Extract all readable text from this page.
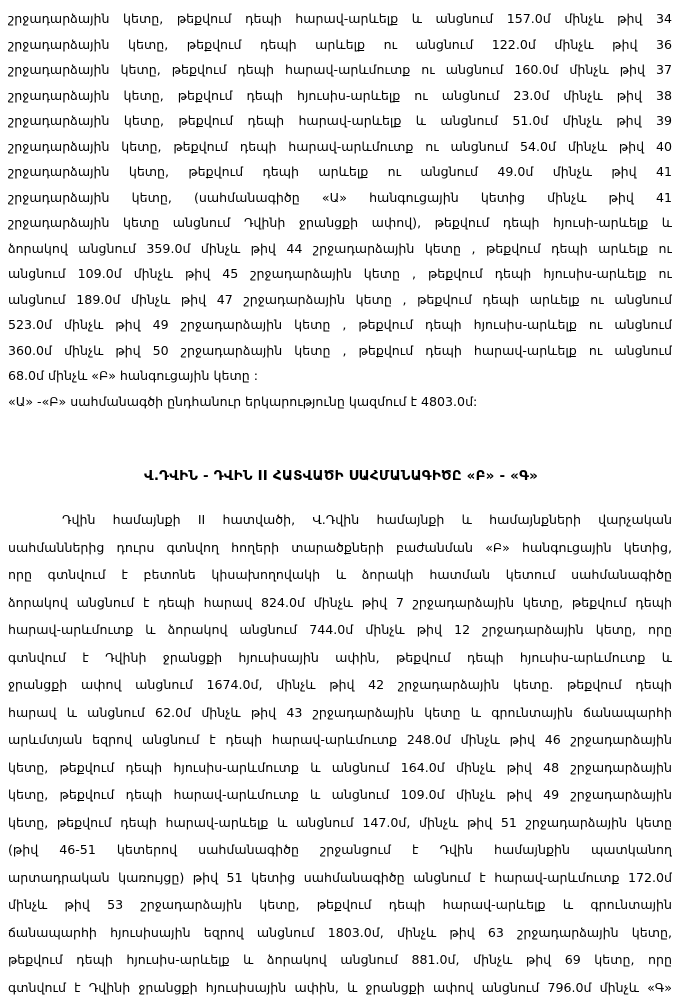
շրջադարձային կետը, թեքվում դեպի հարավ-արևելք և անցնում 157.0մ մինչև թիվ 34
շրջադարձային կետը, թեքվում դեպի արևելք ու անցնում 122.0մ մինչև թիվ 36
շրջադարձային կետը, թեքվում դեպի հարավ-արևմուտք ու անցնում 160.0մ մինչև թիվ 37
շրջադարձային կետը, թեքվում դեպի հյուսիս-արևելք ու անցնում 23.0մ մինչև թիվ 38
շրջադարձային կետը, թեքվում դեպի հարավ-արևելք և անցնում 51.0մ մինչև թիվ 39
շրջադարձային կետը, թեքվում դեպի հարավ-արևմուտք ու անցնում 54.0մ մինչև թիվ 40
շրջադարձային կետը, թեքվում դեպի արևելք ու անցնում 49.0մ մինչև թիվ 41
շրջադարձային կետը, (սահմանագիծը «Ա» հանգուցային կետից մինչև թիվ 41
շրջադարձային կետը անցնում Դվինի ջրանցքի ափով), թեքվում դեպի հյուսի-արևելք և
ձորակով անցնում 359.0մ մինչև թիվ 44 շրջադարձային կետը , թեքվում դեպի արևելք ու
անցնում 109.0մ մինչև թիվ 45 շրջադարձային կետը , թեքվում դեպի հյուսիս-արևելք ու
անցնում 189.0մ մինչև թիվ 47 շրջադարձային կետը , թեքվում դեպի արևելք ու անցնում
523.0մ մինչև թիվ 49 շրջադարձային կետը , թեքվում դեպի հյուսիս-արևելք ու անցնում
360.0մ մինչև թիվ 50 շրջադարձային կետը , թեքվում դեպի հարավ-արևելք ու անցնում
68.0մ մինչև «Բ» հանգուցային կետը :
«Ա» -«Բ» սահմանագծի ընդհանուր երկարությունը կազմում է 4803.0մ:
Վ.ԴՎԻՆ - ԴՎԻՆ II ՀԱՏՎԱԾԻ ՍԱՀՄԱՆԱԳԻԾԸ «Բ» - «Գ»
Դվին համայնքի II հատվածի, Վ.Դվին համայնքի և համայնքների վարչական
սահմաններից դուրս գտնվող հողերի տարածքների բաժանման «Բ» հանգուցային կետից,
որը գտնվում է բետոնե կիսախողովակի և ձորակի հատման կետում սահմանագիծը
ձորակով անցնում է դեպի հարավ 824.0մ մինչև թիվ 7 շրջադարձային կետը, թեքվում դեպի
հարավ-արևմուտք և ձորակով անցնում 744.0մ մինչև թիվ 12 շրջադարձային կետը, որը
գտնվում է Դվինի ջրանցքի հյուսիսային ափին, թեքվում դեպի հյուսիս-արևմուտք և
ջրանցքի ափով անցնում 1674.0մ, մինչև թիվ 42 շրջադարձային կետը. թեքվում դեպի
հարավ և անցնում 62.0մ մինչև թիվ 43 շրջադարձային կետը և գրունտային ճանապարհի
արևմտյան եզրով անցնում է դեպի հարավ-արևմուտք 248.0մ մինչև թիվ 46 շրջադարձային
կետը, թեքվում դեպի հյուսիս-արևմուտք և անցնում 164.0մ մինչև թիվ 48 շրջադարձային
կետը, թեքվում դեպի հարավ-արևմուտք և անցնում 109.0մ մինչև թիվ 49 շրջադարձային
կետը, թեքվում դեպի հարավ-արևելք և անցնում 147.0մ, մինչև թիվ 51 շրջադարձային կետը
(թիվ 46-51 կետերով սահմանագիծը շրջանցում է Դվին համայնքին պատկանող
արտադրական կառույցը) թիվ 51 կետից սահմանագիծը անցնում է հարավ-արևմուտք 172.0մ
մինչև թիվ 53 շրջադարձային կետը, թեքվում դեպի հարավ-արևելք և գրունտային
ճանապարհի հյուսիսային եզրով անցնում 1803.0մ, մինչև թիվ 63 շրջադարձային կետը,
թեքվում դեպի հյուսիս-արևելք և ձորակով անցնում 881.0մ, մինչև թիվ 69 կետը, որը
գտնվում է Դվինի ջրանցքի հյուսիսային ափին, և ջրանցքի ափով անցնում 796.0մ մինչև «Գ»
